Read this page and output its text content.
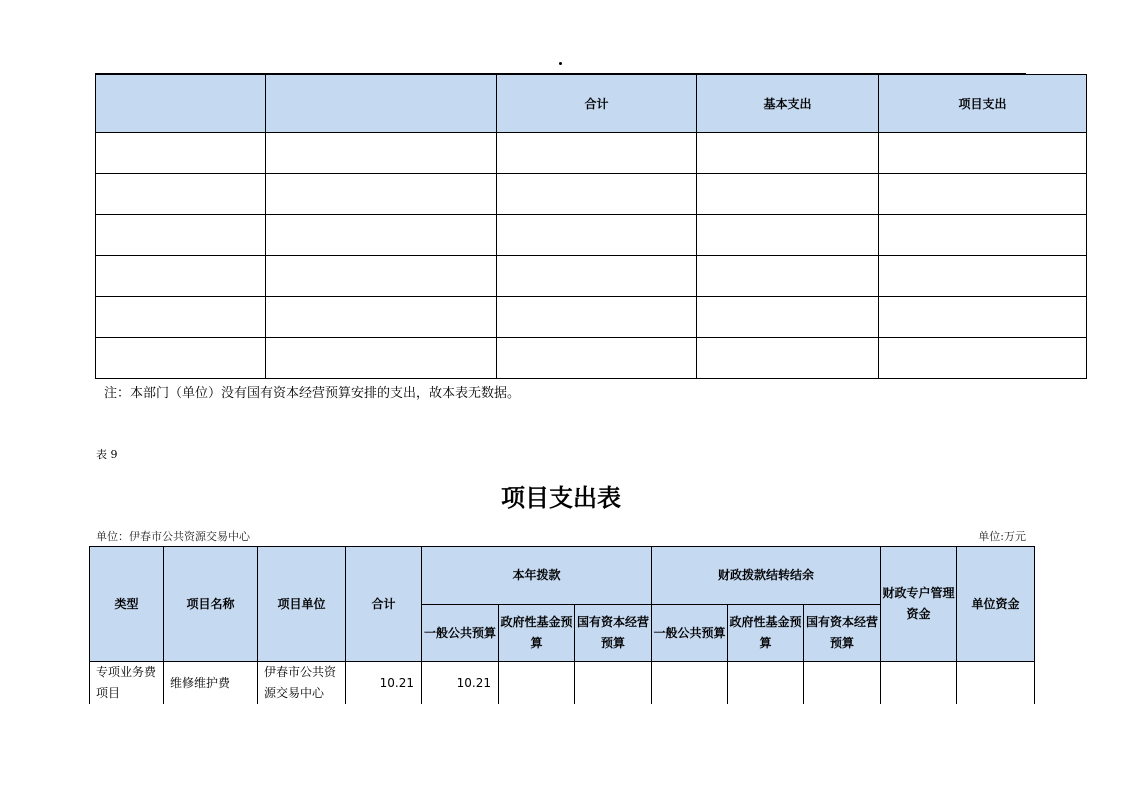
		合计	基本支出	项目支出

注：本部门（单位）没有国有资本经营预算安排的支出，故本表无数据。
表 9
项目支出表
单位：伊春市公共资源交易中心	单位:万元
类型	项目名称	项目单位	合计	本年拨款			财政拨款结转结余			财政专户管理资金	单位资金
				一般公共预算	政府性基金预算	国有资本经营预算	一般公共预算	政府性基金预算	国有资本经营预算		
专项业务费项目	维修维护费	伊春市公共资源交易中心	10.21	10.21							
